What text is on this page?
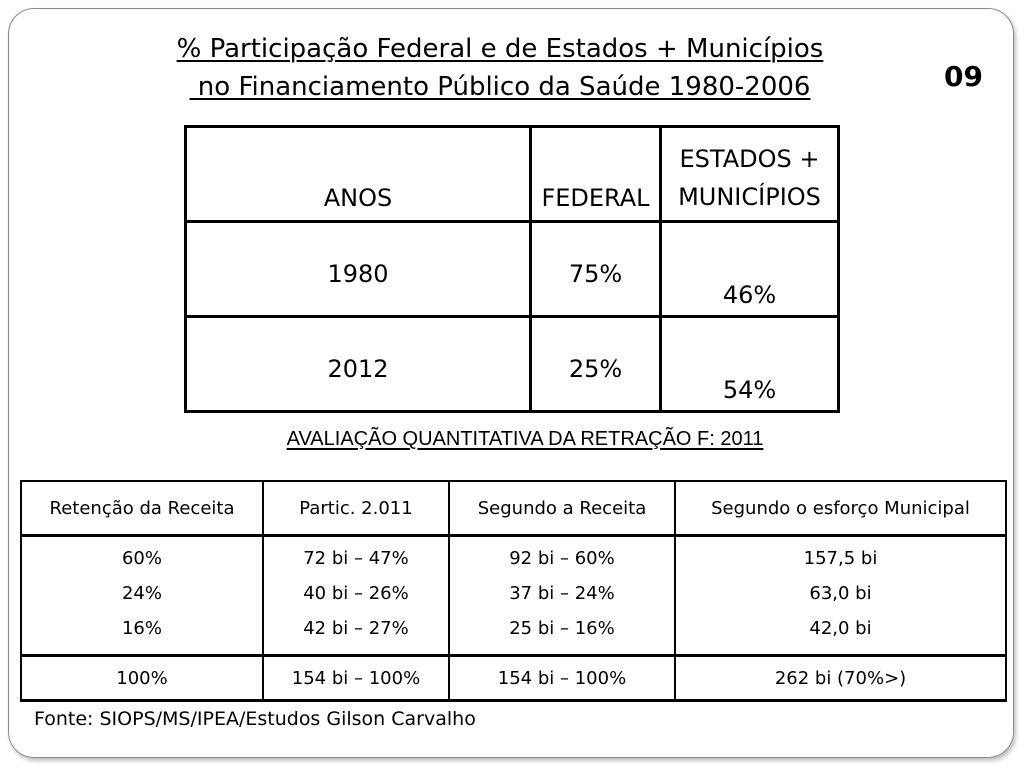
% Participação Federal e de Estados + Municípios
no Financiamento Público da Saúde 1980-2006	09
ANOS	FEDERAL	ESTADOS +
MUNICÍPIOS

1980	75%	46%
2012	25%	54%
AVALIAÇÃO QUANTITATIVA DA RETRAÇÃO F: 2011
Retenção da Receita	Partic. 2.011	Segundo a Receita	Segundo o esforço Municipal
60%	72 bi – 47%	92 bi – 60%	157,5 bi
24%	40 bi – 26%	37 bi – 24%	63,0 bi
16%	42 bi – 27%	25 bi – 16%	42,0 bi
100%	154 bi – 100%	154 bi – 100%	262 bi (70%>)
Fonte: SIOPS/MS/IPEA/Estudos Gilson Carvalho
